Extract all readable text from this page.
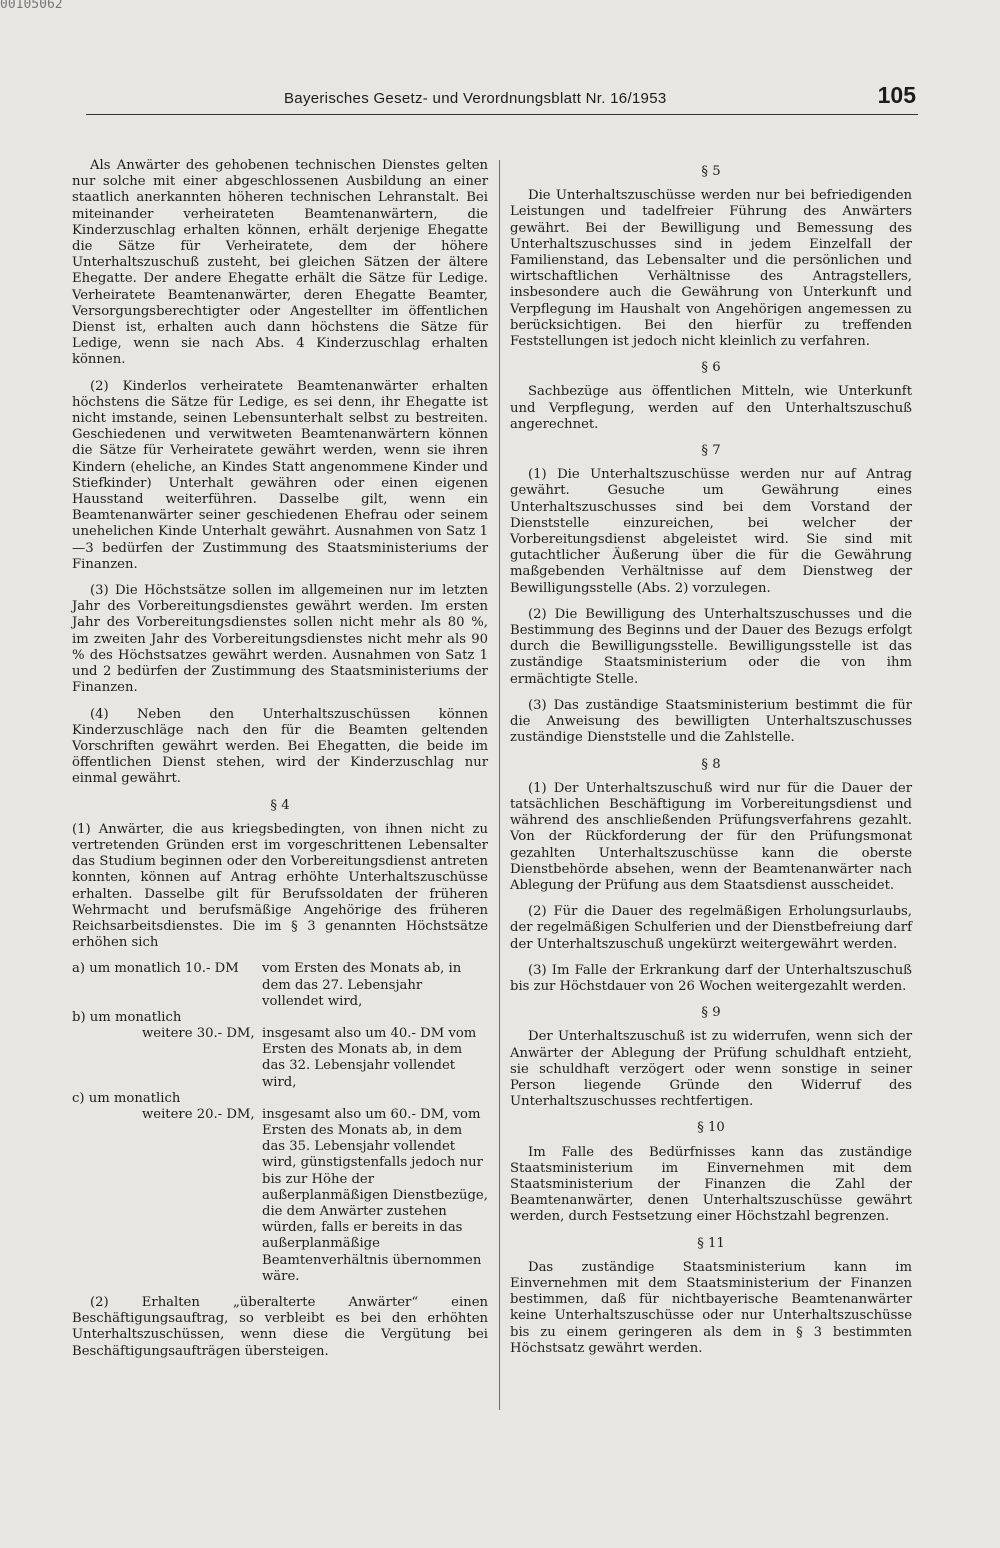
00105062
Bayerisches Gesetz- und Verordnungsblatt Nr. 16/1953	105

Als Anwärter des gehobenen technischen Dienstes gelten nur solche mit einer abgeschlossenen Ausbildung an einer staatlich anerkannten höheren technischen Lehranstalt. Bei miteinander verheirateten Beamtenanwärtern, die Kinderzuschlag erhalten können, erhält derjenige Ehegatte die Sätze für Verheiratete, dem der höhere Unterhaltszuschuß zusteht, bei gleichen Sätzen der ältere Ehegatte. Der andere Ehegatte erhält die Sätze für Ledige. Verheiratete Beamtenanwärter, deren Ehegatte Beamter, Versorgungsberechtigter oder Angestellter im öffentlichen Dienst ist, erhalten auch dann höchstens die Sätze für Ledige, wenn sie nach Abs. 4 Kinderzuschlag erhalten können.

(2) Kinderlos verheiratete Beamtenanwärter erhalten höchstens die Sätze für Ledige, es sei denn, ihr Ehegatte ist nicht imstande, seinen Lebensunterhalt selbst zu bestreiten. Geschiedenen und verwitweten Beamtenanwärtern können die Sätze für Verheiratete gewährt werden, wenn sie ihren Kindern (eheliche, an Kindes Statt angenommene Kinder und Stiefkinder) Unterhalt gewähren oder einen eigenen Hausstand weiterführen. Dasselbe gilt, wenn ein Beamtenanwärter seiner geschiedenen Ehefrau oder seinem unehelichen Kinde Unterhalt gewährt. Ausnahmen von Satz 1—3 bedürfen der Zustimmung des Staatsministeriums der Finanzen.

(3) Die Höchstsätze sollen im allgemeinen nur im letzten Jahr des Vorbereitungsdienstes gewährt werden. Im ersten Jahr des Vorbereitungsdienstes sollen nicht mehr als 80 %, im zweiten Jahr des Vorbereitungsdienstes nicht mehr als 90 % des Höchstsatzes gewährt werden. Ausnahmen von Satz 1 und 2 bedürfen der Zustimmung des Staatsministeriums der Finanzen.

(4) Neben den Unterhaltszuschüssen können Kinderzuschläge nach den für die Beamten geltenden Vorschriften gewährt werden. Bei Ehegatten, die beide im öffentlichen Dienst stehen, wird der Kinderzuschlag nur einmal gewährt.

§ 4

(1) Anwärter, die aus kriegsbedingten, von ihnen nicht zu vertretenden Gründen erst im vorgeschrittenen Lebensalter das Studium beginnen oder den Vorbereitungsdienst antreten konnten, können auf Antrag erhöhte Unterhaltszuschüsse erhalten. Dasselbe gilt für Berufssoldaten der früheren Wehrmacht und berufsmäßige Angehörige des früheren Reichsarbeitsdienstes. Die im § 3 genannten Höchstsätze erhöhen sich

a) um monatlich 10.- DM	vom Ersten des Monats ab, in dem das 27. Lebensjahr vollendet wird,
b) um monatlich
weitere 30.- DM, insgesamt also um 40.- DM vom Ersten des Monats ab, in dem das 32. Lebensjahr vollendet wird,
c) um monatlich
weitere 20.- DM, insgesamt also um 60.- DM, vom Ersten des Monats ab, in dem das 35. Lebensjahr vollendet wird, günstigstenfalls jedoch nur bis zur Höhe der außerplanmäßigen Dienstbezüge, die dem Anwärter zustehen würden, falls er bereits in das außerplanmäßige Beamtenverhältnis übernommen wäre.

(2) Erhalten „überalterte Anwärter“ einen Beschäftigungsauftrag, so verbleibt es bei den erhöhten Unterhaltszuschüssen, wenn diese die Vergütung bei Beschäftigungsaufträgen übersteigen.

§ 5

Die Unterhaltszuschüsse werden nur bei befriedigenden Leistungen und tadelfreier Führung des Anwärters gewährt. Bei der Bewilligung und Bemessung des Unterhaltszuschusses sind in jedem Einzelfall der Familienstand, das Lebensalter und die persönlichen und wirtschaftlichen Verhältnisse des Antragstellers, insbesondere auch die Gewährung von Unterkunft und Verpflegung im Haushalt von Angehörigen angemessen zu berücksichtigen. Bei den hierfür zu treffenden Feststellungen ist jedoch nicht kleinlich zu verfahren.

§ 6

Sachbezüge aus öffentlichen Mitteln, wie Unterkunft und Verpflegung, werden auf den Unterhaltszuschuß angerechnet.

§ 7

(1) Die Unterhaltszuschüsse werden nur auf Antrag gewährt. Gesuche um Gewährung eines Unterhaltszuschusses sind bei dem Vorstand der Dienststelle einzureichen, bei welcher der Vorbereitungsdienst abgeleistet wird. Sie sind mit gutachtlicher Äußerung über die für die Gewährung maßgebenden Verhältnisse auf dem Dienstweg der Bewilligungsstelle (Abs. 2) vorzulegen.

(2) Die Bewilligung des Unterhaltszuschusses und die Bestimmung des Beginns und der Dauer des Bezugs erfolgt durch die Bewilligungsstelle. Bewilligungsstelle ist das zuständige Staatsministerium oder die von ihm ermächtigte Stelle.

(3) Das zuständige Staatsministerium bestimmt die für die Anweisung des bewilligten Unterhaltszuschusses zuständige Dienststelle und die Zahlstelle.

§ 8

(1) Der Unterhaltszuschuß wird nur für die Dauer der tatsächlichen Beschäftigung im Vorbereitungsdienst und während des anschließenden Prüfungsverfahrens gezahlt. Von der Rückforderung der für den Prüfungsmonat gezahlten Unterhaltszuschüsse kann die oberste Dienstbehörde absehen, wenn der Beamtenanwärter nach Ablegung der Prüfung aus dem Staatsdienst ausscheidet.

(2) Für die Dauer des regelmäßigen Erholungsurlaubs, der regelmäßigen Schulferien und der Dienstbefreiung darf der Unterhaltszuschuß ungekürzt weitergewährt werden.

(3) Im Falle der Erkrankung darf der Unterhaltszuschuß bis zur Höchstdauer von 26 Wochen weitergezahlt werden.

§ 9

Der Unterhaltszuschuß ist zu widerrufen, wenn sich der Anwärter der Ablegung der Prüfung schuldhaft entzieht, sie schuldhaft verzögert oder wenn sonstige in seiner Person liegende Gründe den Widerruf des Unterhaltszuschusses rechtfertigen.

§ 10

Im Falle des Bedürfnisses kann das zuständige Staatsministerium im Einvernehmen mit dem Staatsministerium der Finanzen die Zahl der Beamtenanwärter, denen Unterhaltszuschüsse gewährt werden, durch Festsetzung einer Höchstzahl begrenzen.

§ 11

Das zuständige Staatsministerium kann im Einvernehmen mit dem Staatsministerium der Finanzen bestimmen, daß für nichtbayerische Beamtenanwärter keine Unterhaltszuschüsse oder nur Unterhaltszuschüsse bis zu einem geringeren als dem in § 3 bestimmten Höchstsatz gewährt werden.
